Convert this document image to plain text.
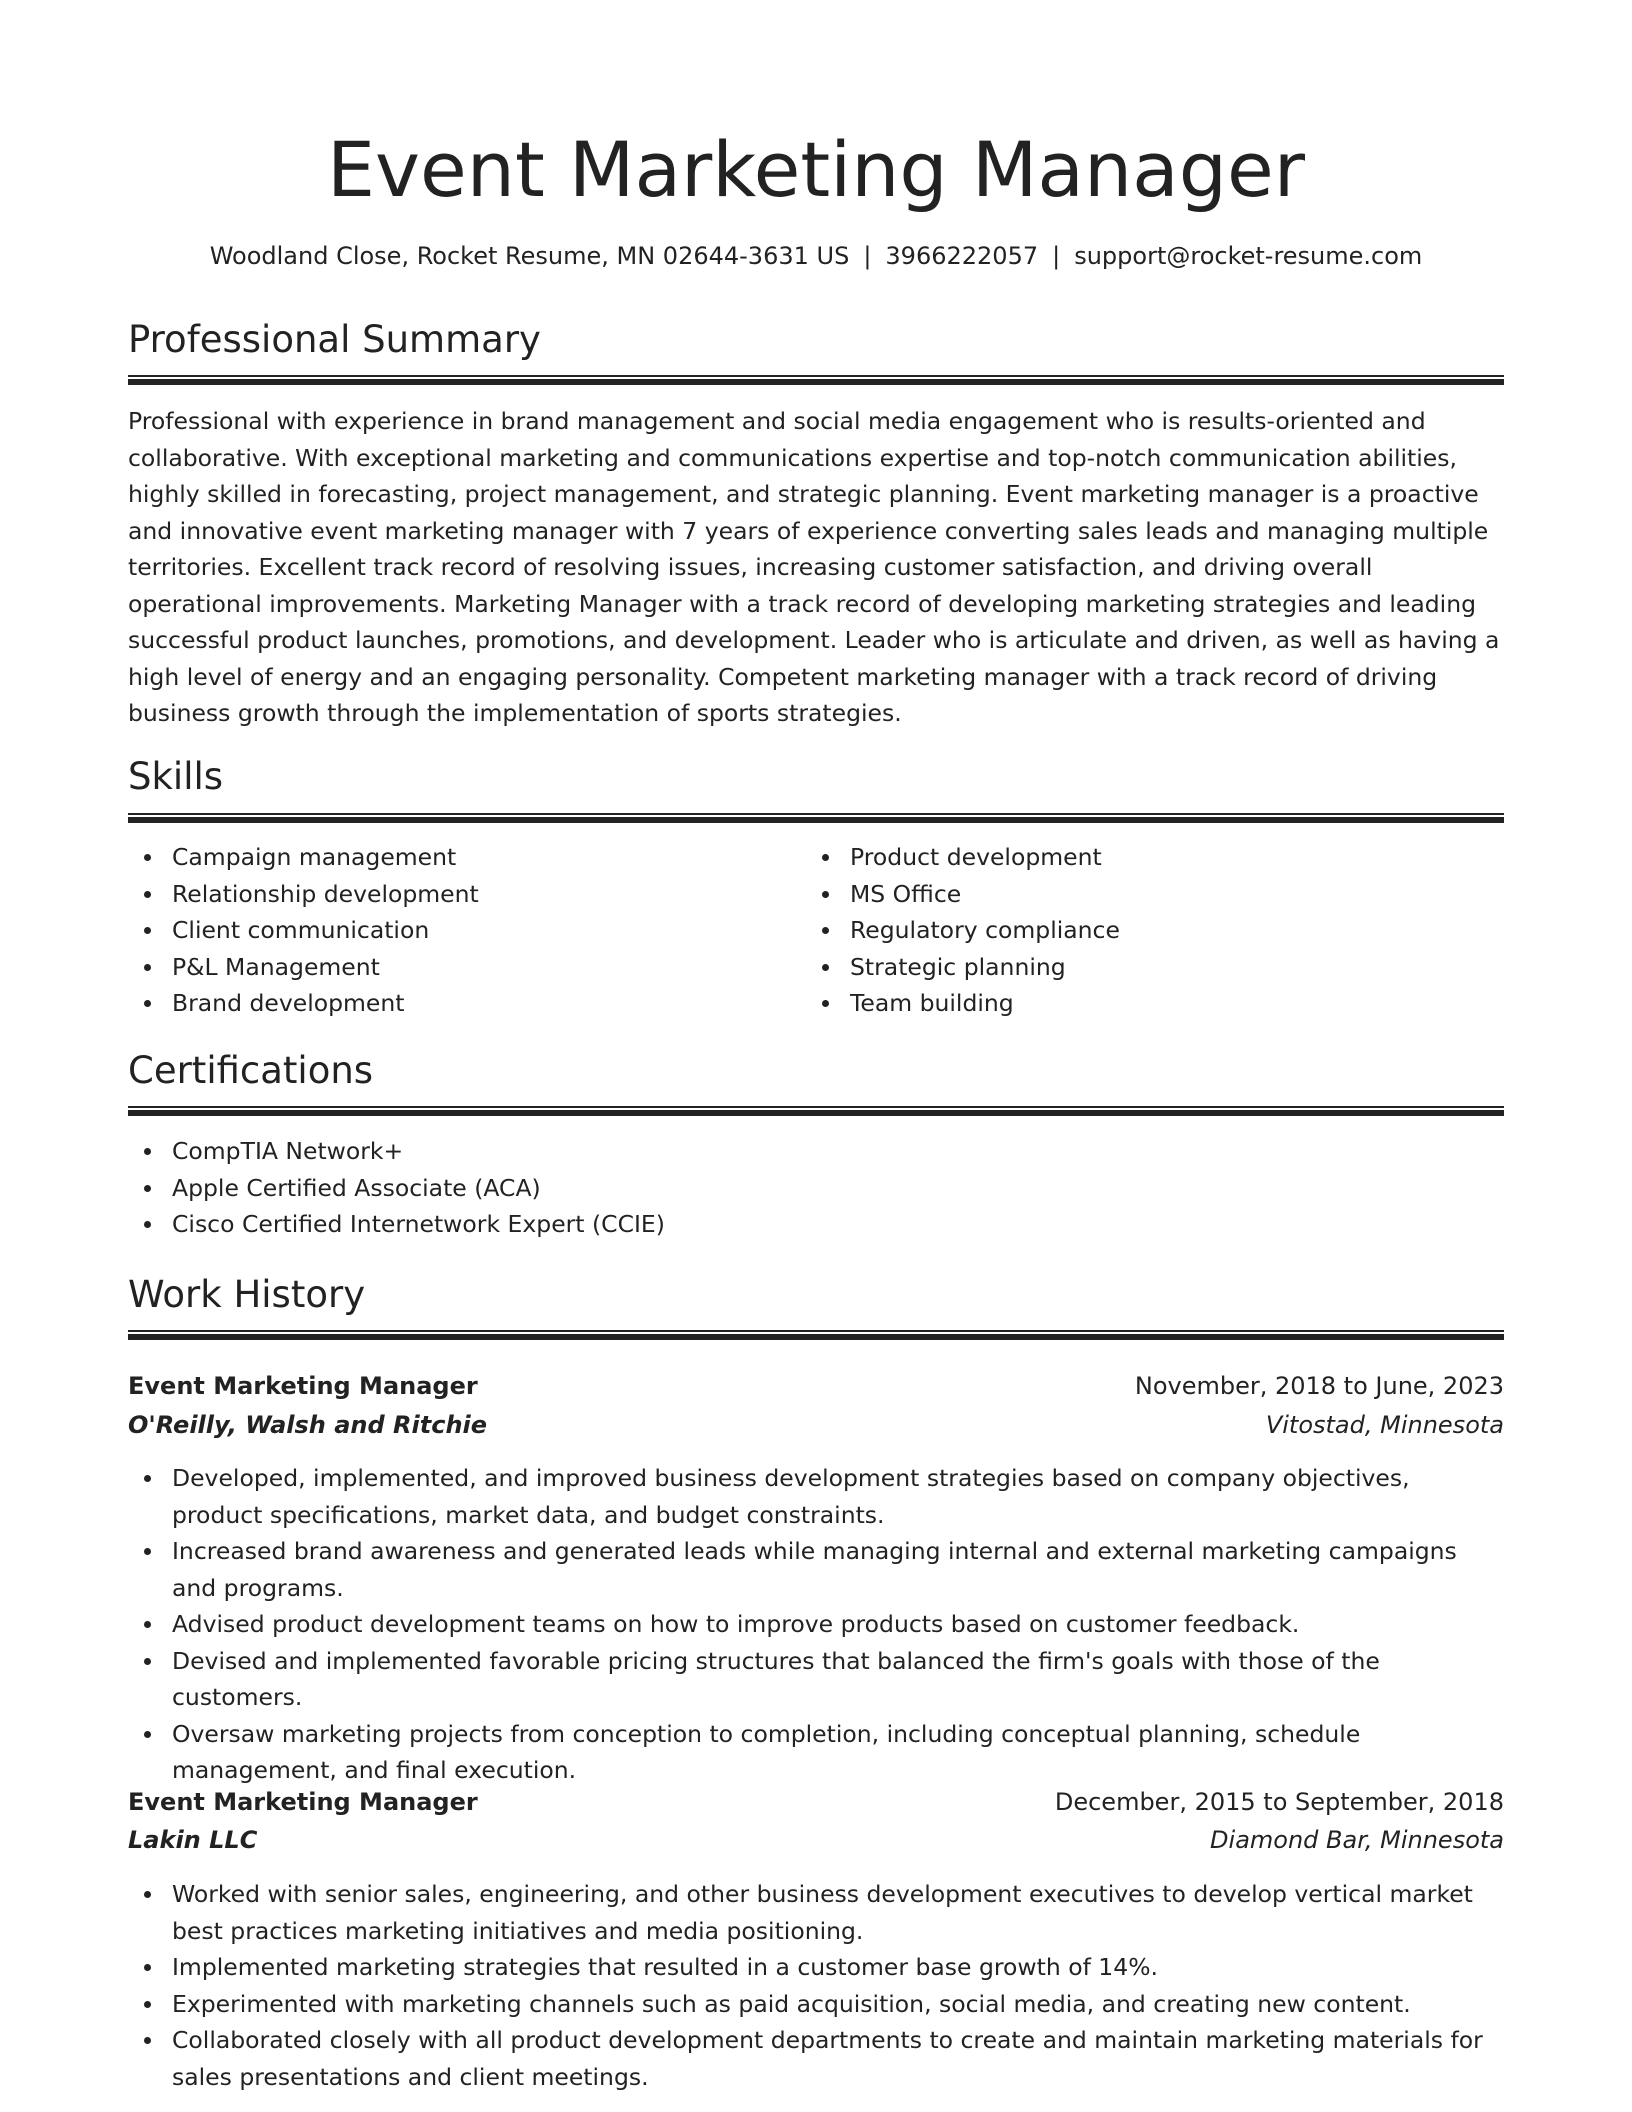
Event Marketing Manager
Woodland Close, Rocket Resume, MN 02644-3631 US | 3966222057 | support@rocket-resume.com
Professional Summary

Professional with experience in brand management and social media engagement who is results-oriented and collaborative. With exceptional marketing and communications expertise and top-notch communication abilities, highly skilled in forecasting, project management, and strategic planning. Event marketing manager is a proactive and innovative event marketing manager with 7 years of experience converting sales leads and managing multiple territories. Excellent track record of resolving issues, increasing customer satisfaction, and driving overall operational improvements. Marketing Manager with a track record of developing marketing strategies and leading successful product launches, promotions, and development. Leader who is articulate and driven, as well as having a high level of energy and an engaging personality. Competent marketing manager with a track record of driving business growth through the implementation of sports strategies.

Skills
Campaign management
Relationship development
Client communication
P&L Management
Brand development
Product development
MS Office
Regulatory compliance
Strategic planning
Team building
Certifications
CompTIA Network+
Apple Certified Associate (ACA)
Cisco Certified Internetwork Expert (CCIE)
Work History
Event Marketing Manager	November, 2018 to June, 2023
O'Reilly, Walsh and Ritchie	Vitostad, Minnesota
Developed, implemented, and improved business development strategies based on company objectives, product specifications, market data, and budget constraints.
Increased brand awareness and generated leads while managing internal and external marketing campaigns and programs.
Advised product development teams on how to improve products based on customer feedback.
Devised and implemented favorable pricing structures that balanced the firm's goals with those of the customers.
Oversaw marketing projects from conception to completion, including conceptual planning, schedule management, and final execution.
Event Marketing Manager	December, 2015 to September, 2018
Lakin LLC	Diamond Bar, Minnesota
Worked with senior sales, engineering, and other business development executives to develop vertical market best practices marketing initiatives and media positioning.
Implemented marketing strategies that resulted in a customer base growth of 14%.
Experimented with marketing channels such as paid acquisition, social media, and creating new content.
Collaborated closely with all product development departments to create and maintain marketing materials for sales presentations and client meetings.
